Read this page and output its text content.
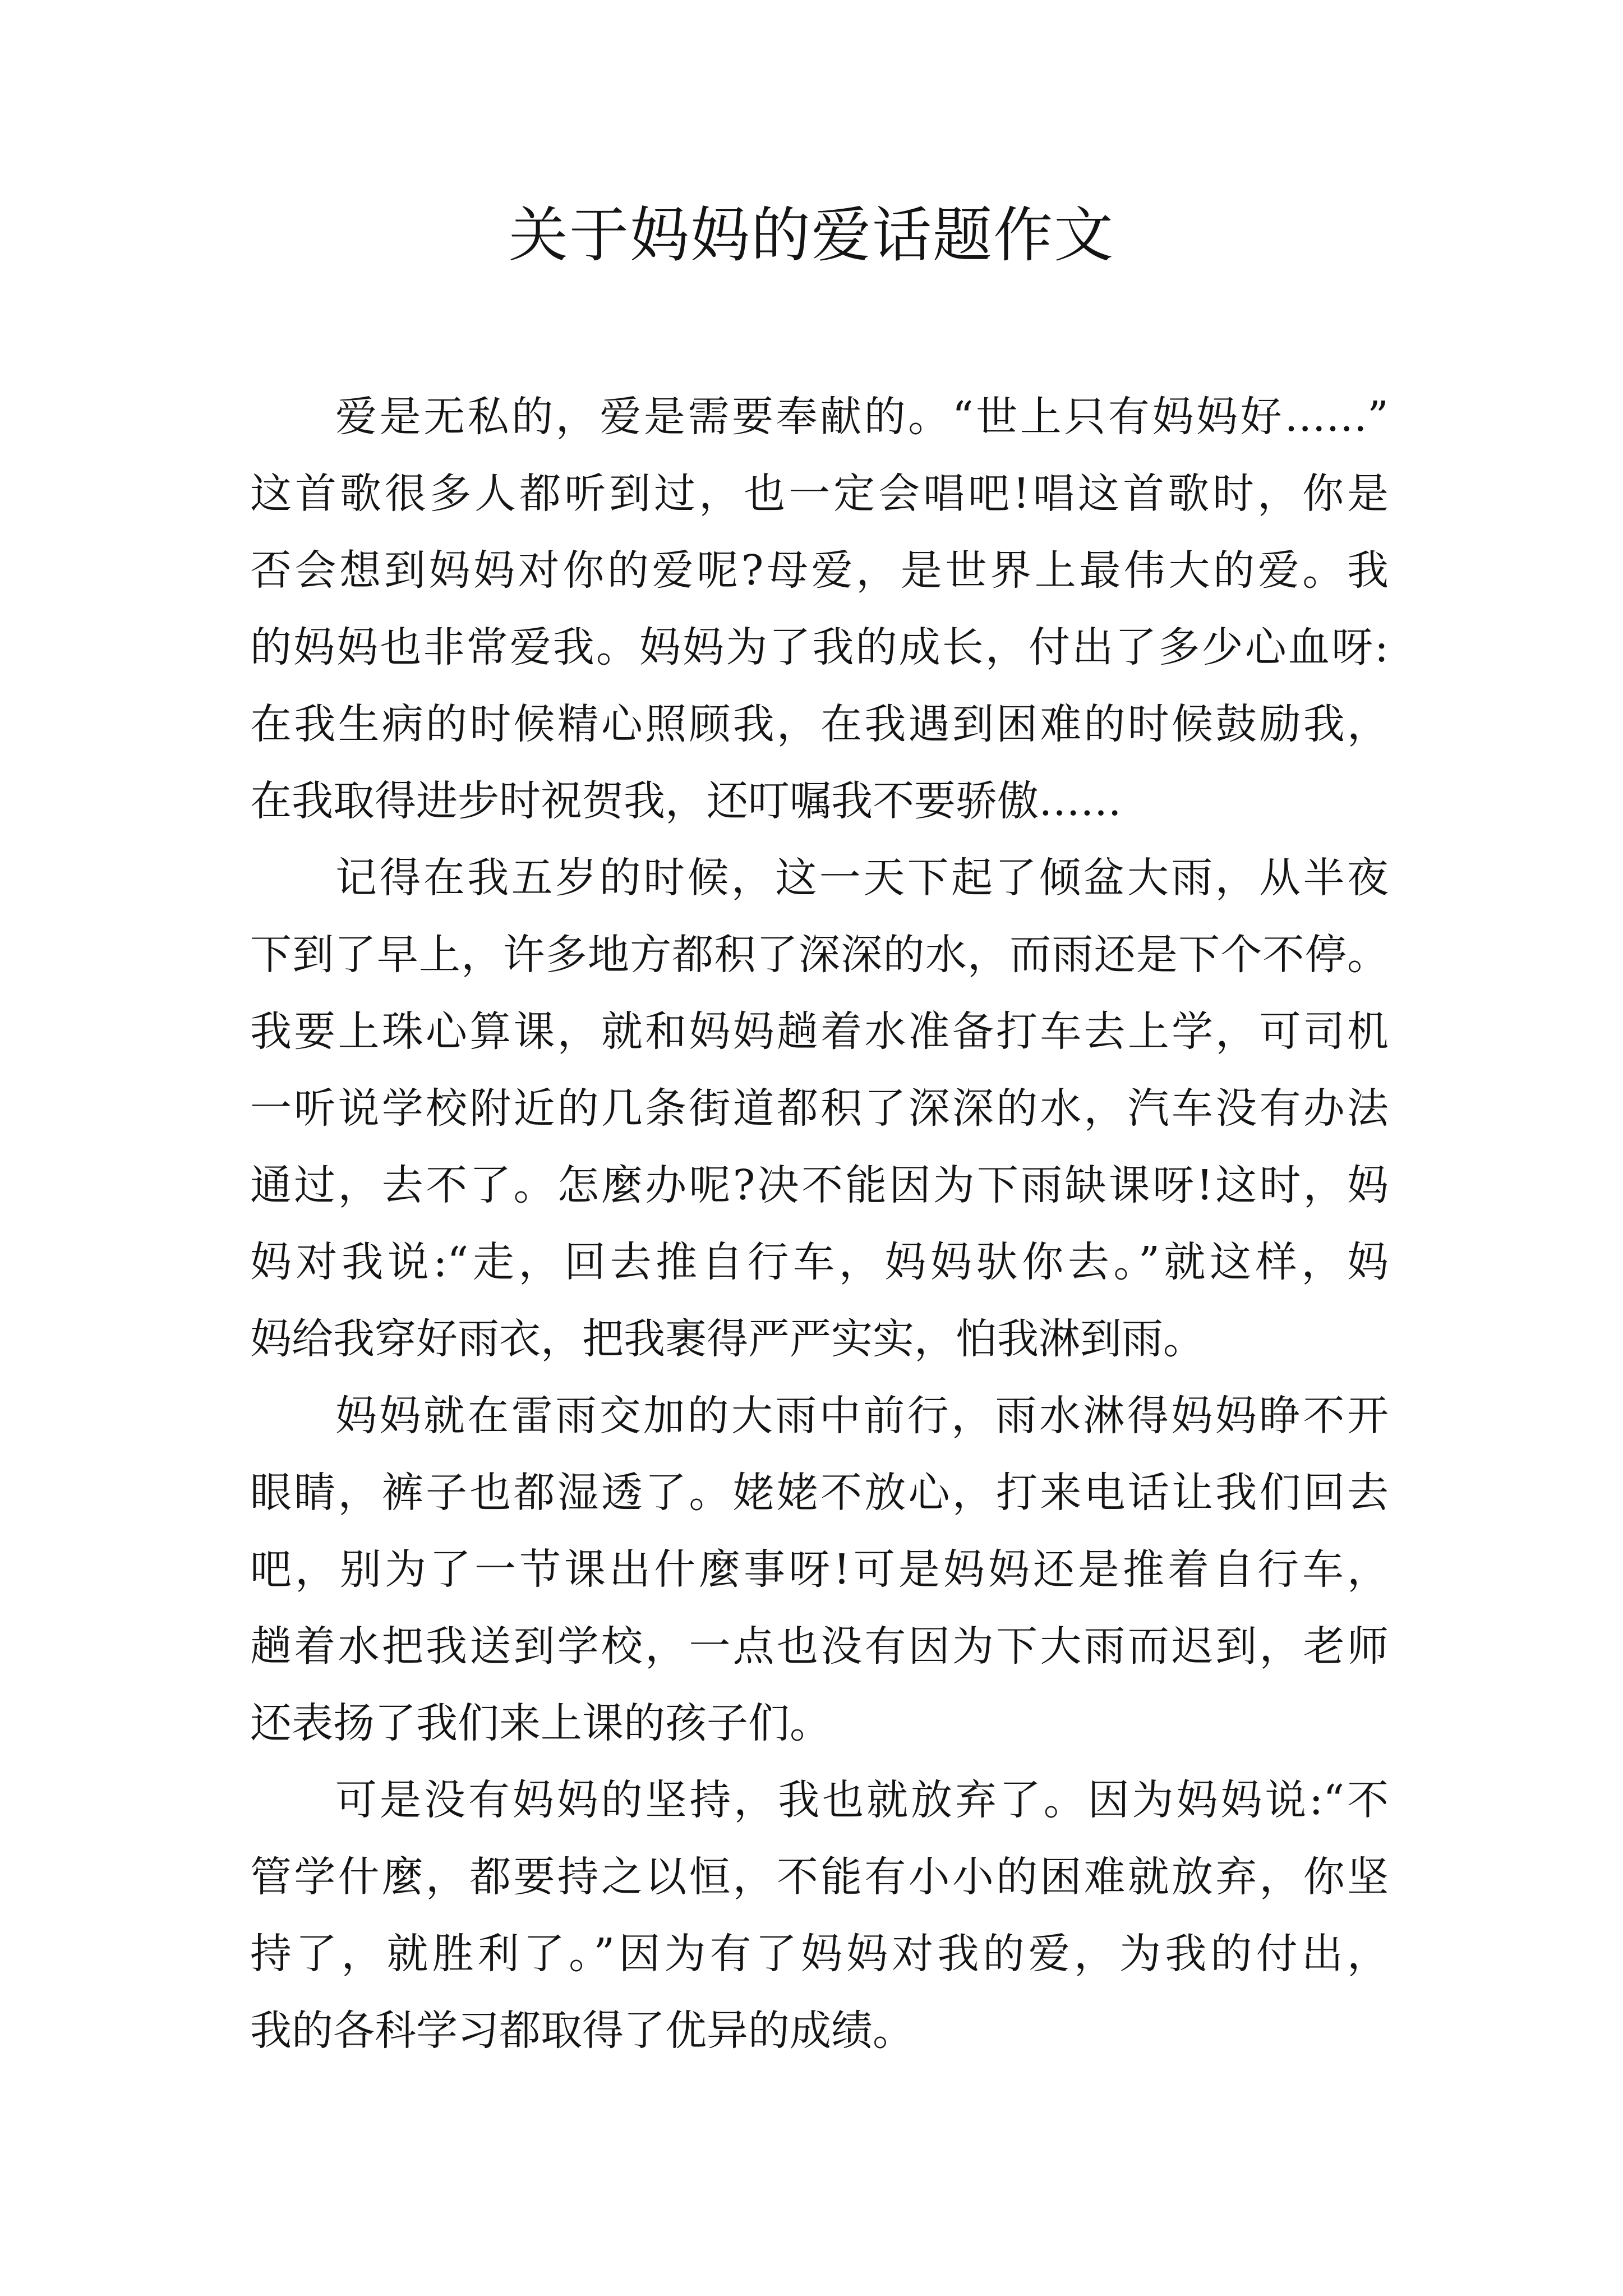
关于妈妈的爱话题作文
爱是无私的，爱是需要奉献的。“世上只有妈妈好……”
这首歌很多人都听到过，也一定会唱吧!唱这首歌时，你是
否会想到妈妈对你的爱呢?母爱，是世界上最伟大的爱。我
的妈妈也非常爱我。妈妈为了我的成长，付出了多少心血呀:
在我生病的时候精心照顾我，在我遇到困难的时候鼓励我，
在我取得进步时祝贺我，还叮嘱我不要骄傲……
记得在我五岁的时候，这一天下起了倾盆大雨，从半夜
下到了早上，许多地方都积了深深的水，而雨还是下个不停。
我要上珠心算课，就和妈妈趟着水准备打车去上学，可司机
一听说学校附近的几条街道都积了深深的水，汽车没有办法
通过，去不了。怎麼办呢?决不能因为下雨缺课呀!这时，妈
妈对我说:“走，回去推自行车，妈妈驮你去。”就这样，妈
妈给我穿好雨衣，把我裹得严严实实，怕我淋到雨。
妈妈就在雷雨交加的大雨中前行，雨水淋得妈妈睁不开
眼睛，裤子也都湿透了。姥姥不放心，打来电话让我们回去
吧，别为了一节课出什麼事呀!可是妈妈还是推着自行车，
趟着水把我送到学校，一点也没有因为下大雨而迟到，老师
还表扬了我们来上课的孩子们。
可是没有妈妈的坚持，我也就放弃了。因为妈妈说:“不
管学什麼，都要持之以恒，不能有小小的困难就放弃，你坚
持了，就胜利了。”因为有了妈妈对我的爱，为我的付出，
我的各科学习都取得了优异的成绩。
